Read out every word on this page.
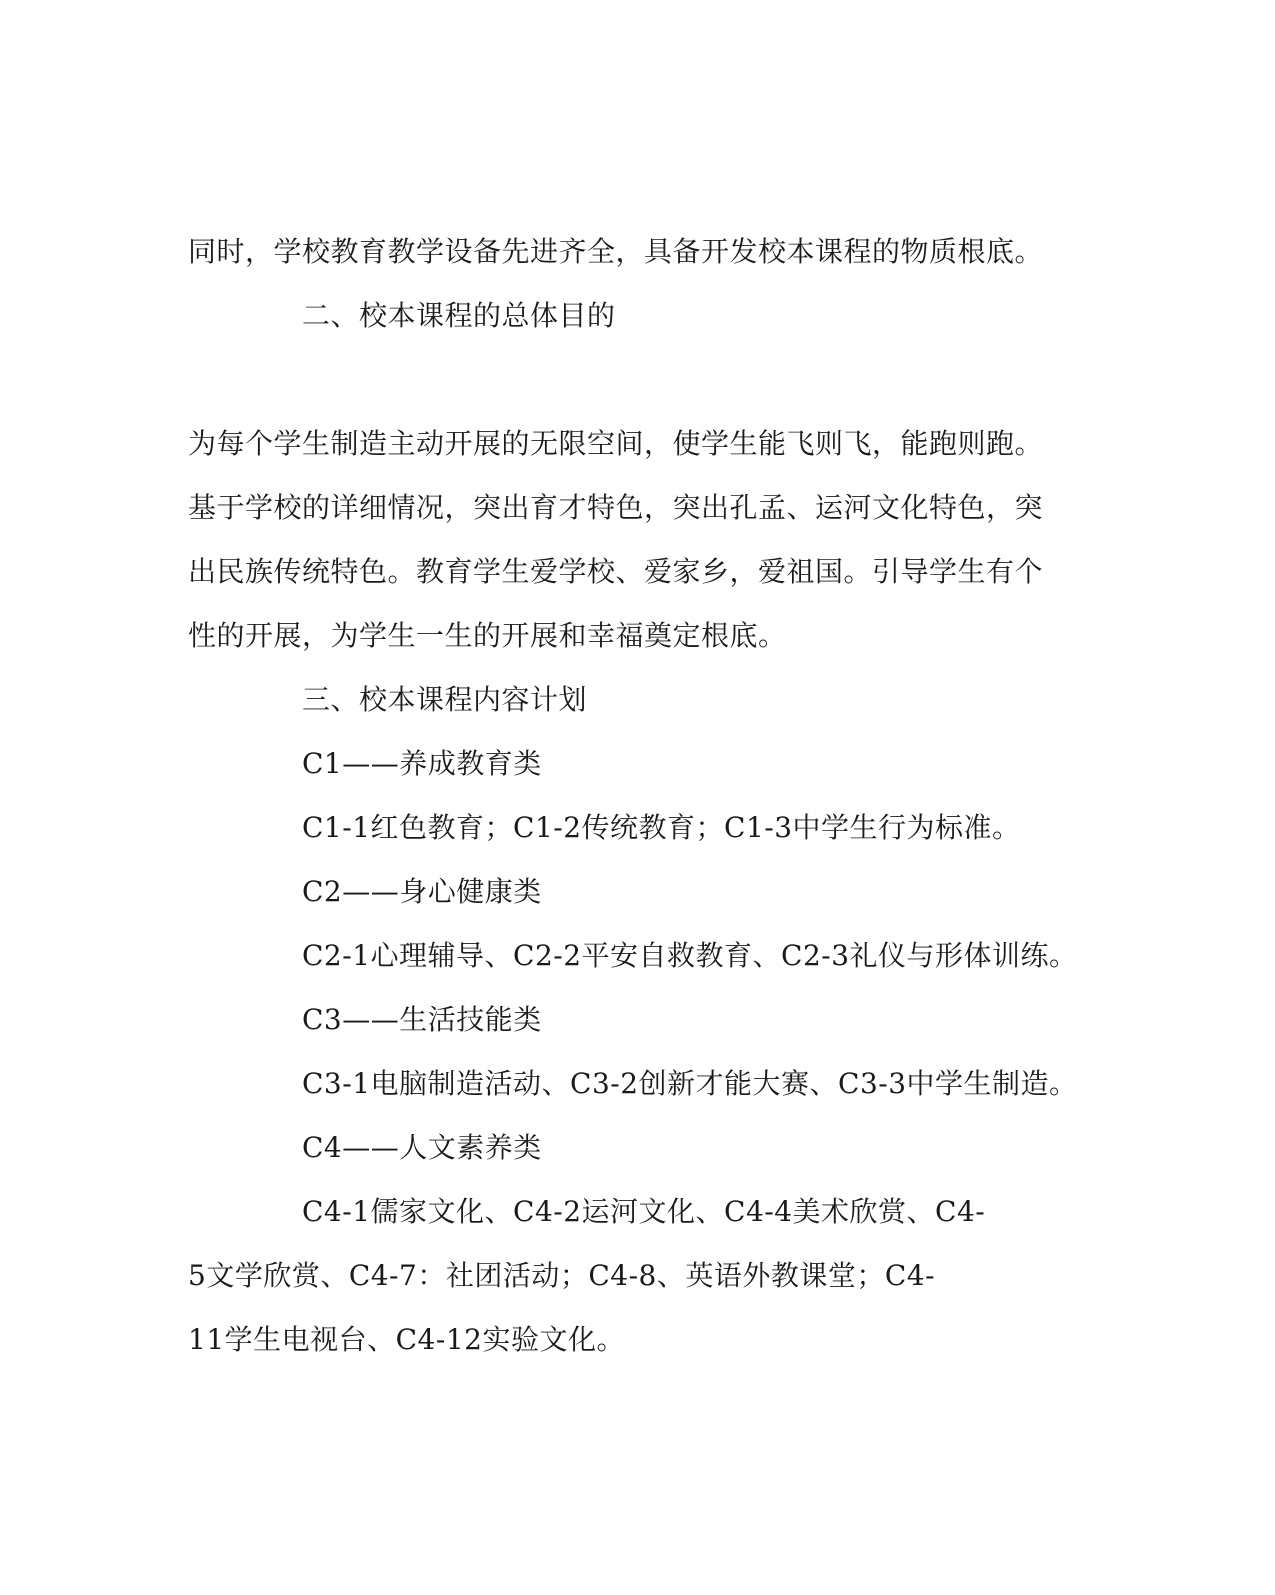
同时，学校教育教学设备先进齐全，具备开发校本课程的物质根底。
二、校本课程的总体目的
为每个学生制造主动开展的无限空间，使学生能飞则飞，能跑则跑。
基于学校的详细情况，突出育才特色，突出孔孟、运河文化特色，突
出民族传统特色。教育学生爱学校、爱家乡，爱祖国。引导学生有个
性的开展，为学生一生的开展和幸福奠定根底。
三、校本课程内容计划
C1——养成教育类
C1-1红色教育；C1-2传统教育；C1-3中学生行为标准。
C2——身心健康类
C2-1心理辅导、C2-2平安自救教育、C2-3礼仪与形体训练。
C3——生活技能类
C3-1电脑制造活动、C3-2创新才能大赛、C3-3中学生制造。
C4——人文素养类
C4-1儒家文化、C4-2运河文化、C4-4美术欣赏、C4-
5文学欣赏、C4-7：社团活动；C4-8、英语外教课堂；C4-
11学生电视台、C4-12实验文化。
